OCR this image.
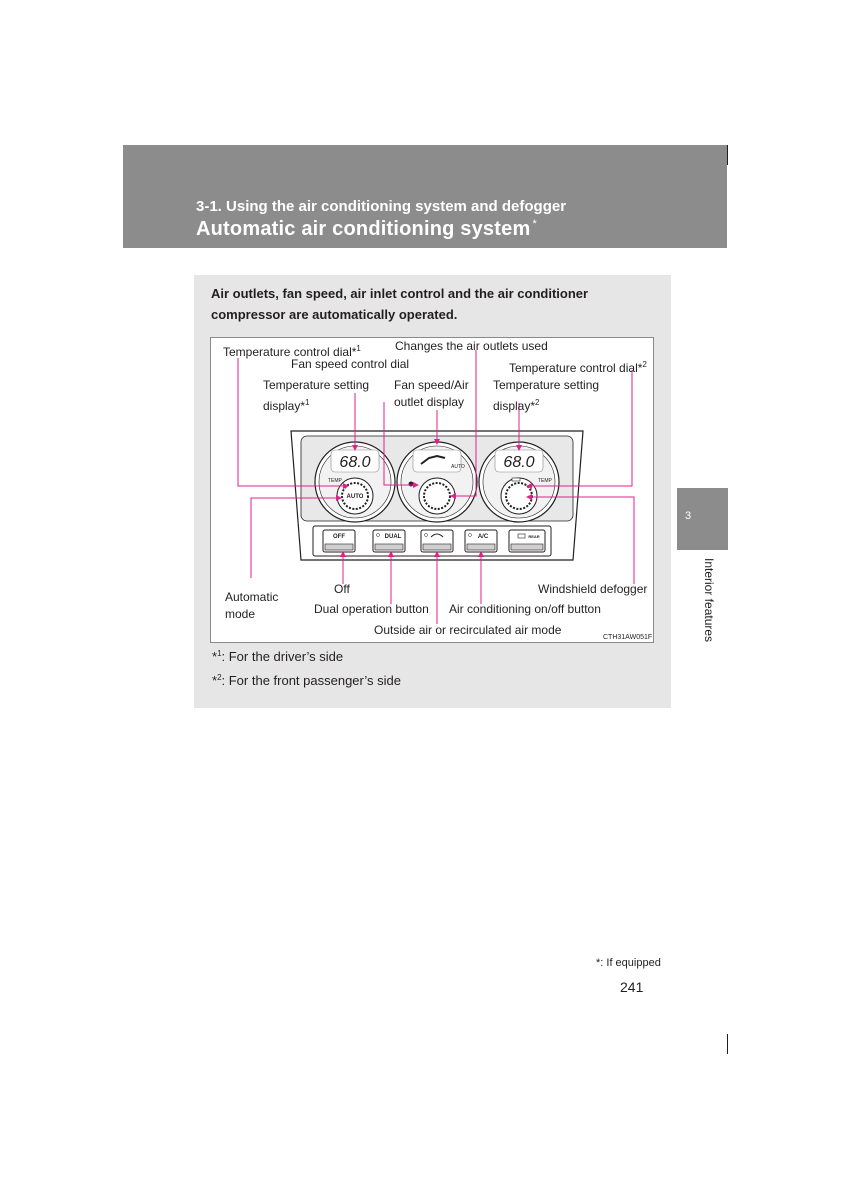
3-1. Using the air conditioning system and defogger
Automatic air conditioning system *
Air outlets, fan speed, air inlet control and the air conditioner compressor are automatically operated.
68.0
TEMP
AUTO
AUTO 68.0
TEMP
OFF	DUAL	A/C	REAR
Temperature control dial*$^1$	Changes the air outlets used
Fan speed control dial	Temperature control dial*$^2$
Temperature setting
display*$^1$
Fan speed/Air
outlet display
Temperature setting
display*$^2$
Automatic
mode
Off	Windshield defogger
Dual operation button Air conditioning on/off button
Outside air or recirculated air mode
CTH31AW051F
*$^1$: For the driver’s side
*$^2$: For the front passenger’s side
3
Interior features
*: If equipped
241
